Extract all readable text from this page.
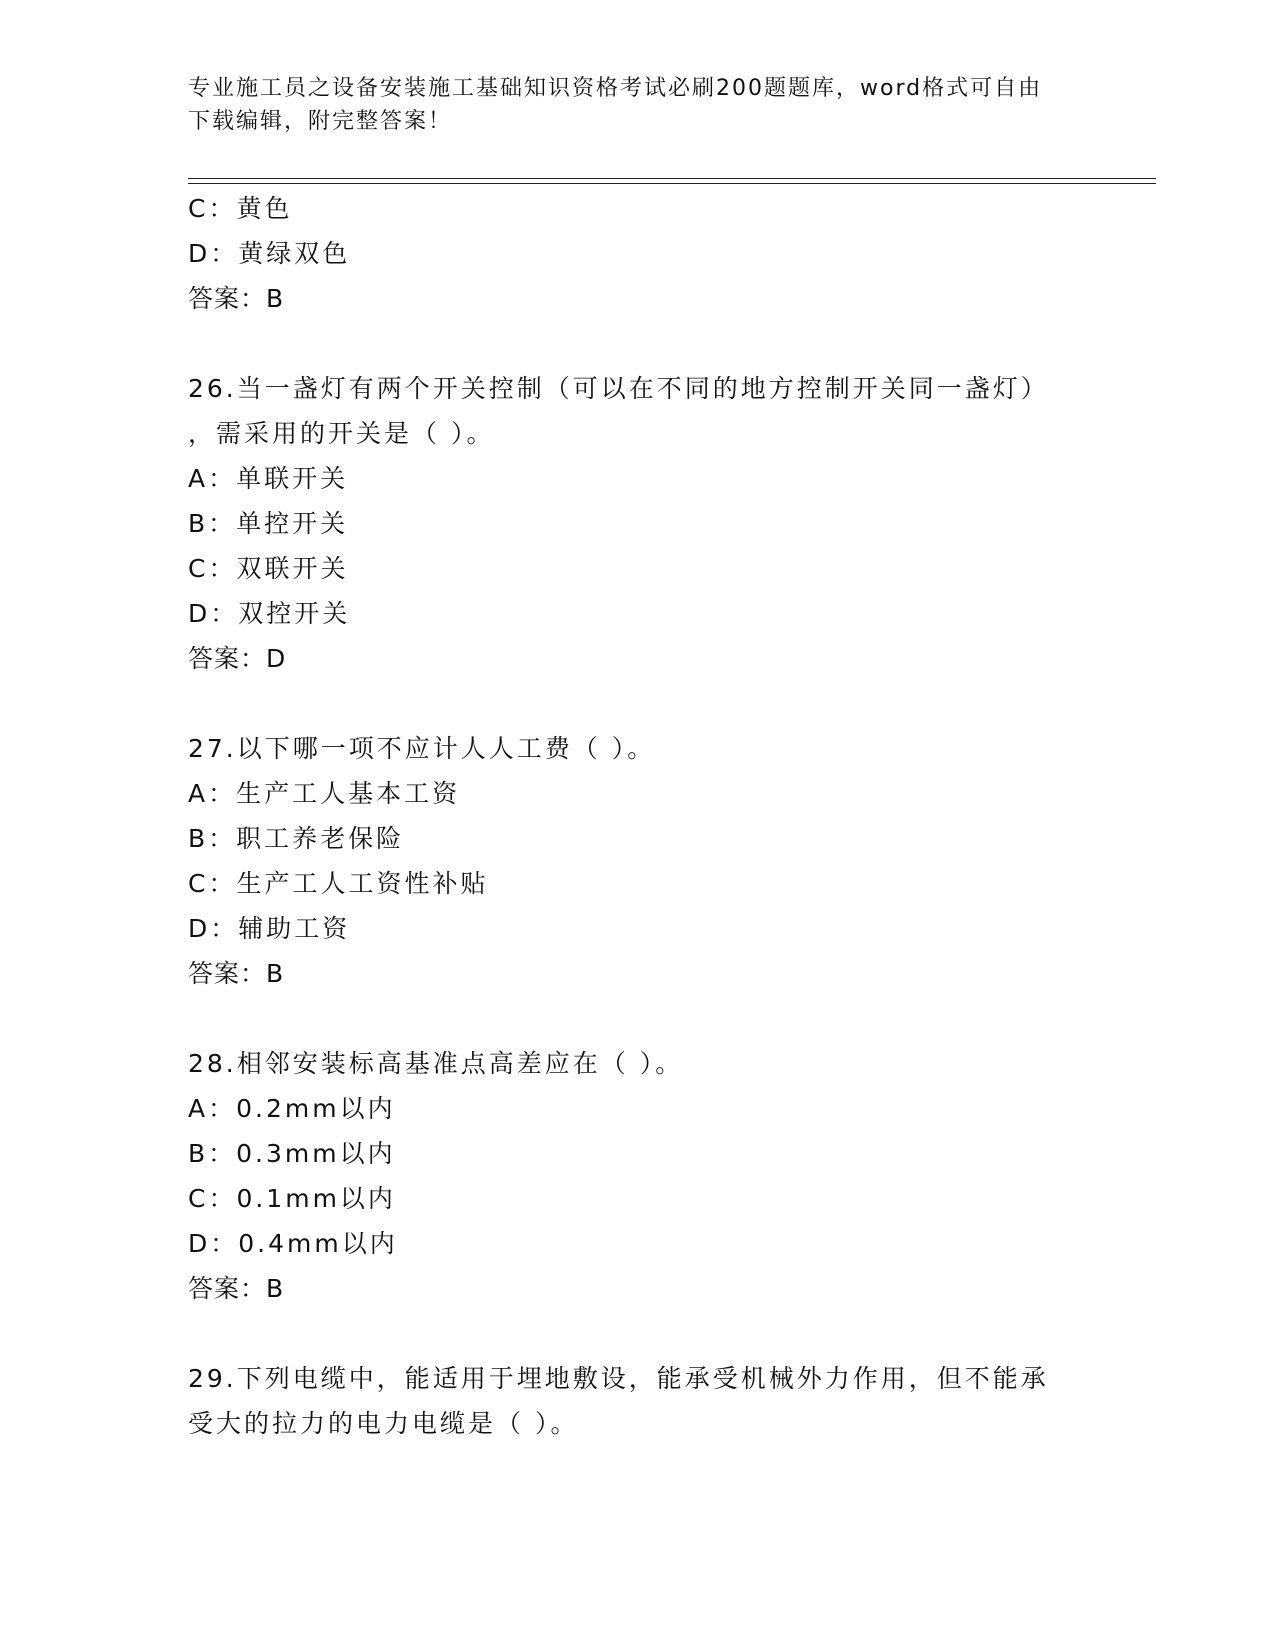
专业施工员之设备安装施工基础知识资格考试必刷200题题库，word格式可自由
下载编辑，附完整答案！
C：黄色
D：黄绿双色
答案：B
26.当一盏灯有两个开关控制（可以在不同的地方控制开关同一盏灯）
，需采用的开关是（ ）。
A：单联开关
B：单控开关
C：双联开关
D：双控开关
答案：D
27.以下哪一项不应计人人工费（ ）。
A：生产工人基本工资
B：职工养老保险
C：生产工人工资性补贴
D：辅助工资
答案：B
28.相邻安装标高基准点高差应在（ ）。
A：0.2mm以内
B：0.3mm以内
C：0.1mm以内
D：0.4mm以内
答案：B
29.下列电缆中，能适用于埋地敷设，能承受机械外力作用，但不能承
受大的拉力的电力电缆是（ ）。
